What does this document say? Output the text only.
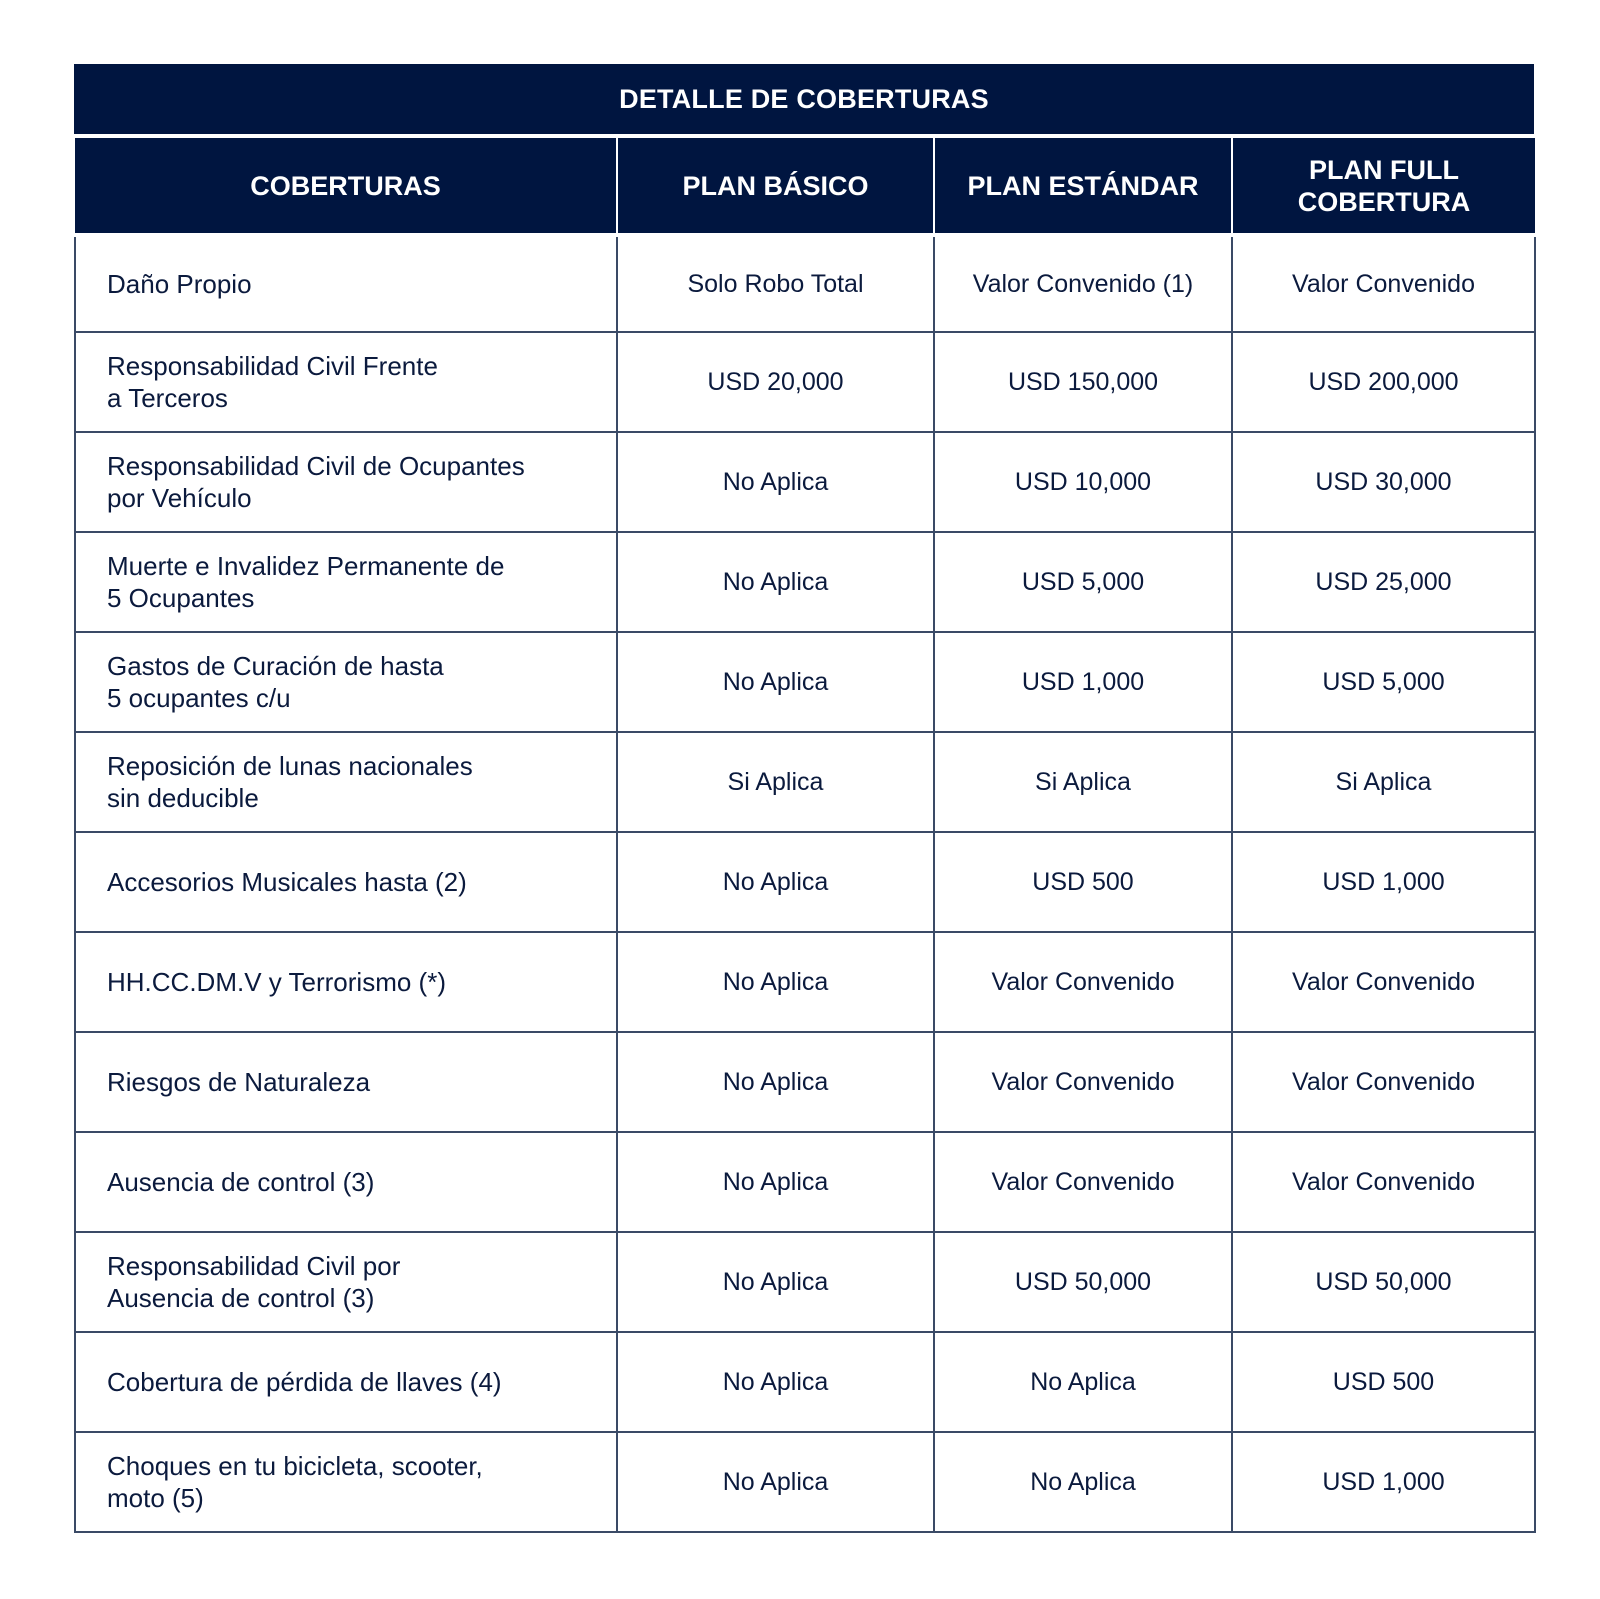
DETALLE DE COBERTURAS
COBERTURAS	PLAN BÁSICO	PLAN ESTÁNDAR	PLAN FULL
COBERTURA
Daño Propio	Solo Robo Total	Valor Convenido (1)	Valor Convenido
Responsabilidad Civil Frente
a Terceros	USD 20,000	USD 150,000	USD 200,000
Responsabilidad Civil de Ocupantes
por Vehículo	No Aplica	USD 10,000	USD 30,000
Muerte e Invalidez Permanente de
5 Ocupantes	No Aplica	USD 5,000	USD 25,000
Gastos de Curación de hasta
5 ocupantes c/u	No Aplica	USD 1,000	USD 5,000
Reposición de lunas nacionales
sin deducible	Si Aplica	Si Aplica	Si Aplica
Accesorios Musicales hasta (2)	No Aplica	USD 500	USD 1,000
HH.CC.DM.V y Terrorismo (*)	No Aplica	Valor Convenido	Valor Convenido
Riesgos de Naturaleza	No Aplica	Valor Convenido	Valor Convenido
Ausencia de control (3)	No Aplica	Valor Convenido	Valor Convenido
Responsabilidad Civil por
Ausencia de control (3)	No Aplica	USD 50,000	USD 50,000
Cobertura de pérdida de llaves (4)	No Aplica	No Aplica	USD 500
Choques en tu bicicleta, scooter,
moto (5)	No Aplica	No Aplica	USD 1,000
